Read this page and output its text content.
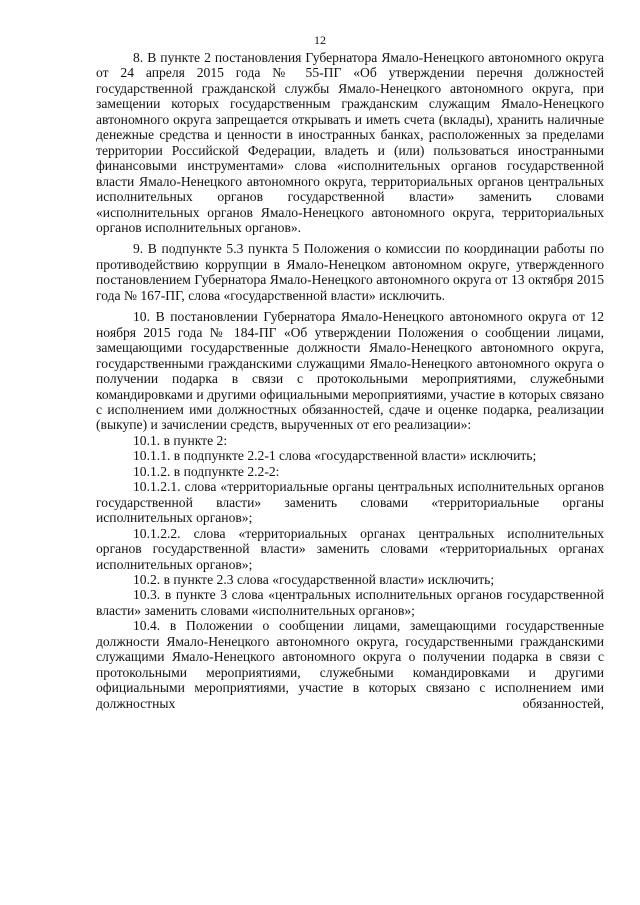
12

8. В пункте 2 постановления Губернатора Ямало-Ненецкого автономного округа от 24 апреля 2015 года № 55-ПГ «Об утверждении перечня должностей государственной гражданской службы Ямало-Ненецкого автономного округа, при замещении которых государственным гражданским служащим Ямало-Ненецкого автономного округа запрещается открывать и иметь счета (вклады), хранить наличные денежные средства и ценности в иностранных банках, расположенных за пределами территории Российской Федерации, владеть и (или) пользоваться иностранными финансовыми инструментами» слова «исполнительных органов государственной власти Ямало-Ненецкого автономного округа, территориальных органов центральных исполнительных органов государственной власти» заменить словами «исполнительных органов Ямало-Ненецкого автономного округа, территориальных органов исполнительных органов».

9. В подпункте 5.3 пункта 5 Положения о комиссии по координации работы по противодействию коррупции в Ямало-Ненецком автономном округе, утвержденного постановлением Губернатора Ямало-Ненецкого автономного округа от 13 октября 2015 года № 167-ПГ, слова «государственной власти» исключить.

10. В постановлении Губернатора Ямало-Ненецкого автономного округа от 12 ноября 2015 года № 184-ПГ «Об утверждении Положения о сообщении лицами, замещающими государственные должности Ямало-Ненецкого автономного округа, государственными гражданскими служащими Ямало-Ненецкого автономного округа о получении подарка в связи с протокольными мероприятиями, служебными командировками и другими официальными мероприятиями, участие в которых связано с исполнением ими должностных обязанностей, сдаче и оценке подарка, реализации (выкупе) и зачислении средств, вырученных от его реализации»:

10.1. в пункте 2:

10.1.1. в подпункте 2.2-1 слова «государственной власти» исключить;

10.1.2. в подпункте 2.2-2:

10.1.2.1. слова «территориальные органы центральных исполнительных органов государственной власти» заменить словами «территориальные органы исполнительных органов»;

10.1.2.2. слова «территориальных органах центральных исполнительных органов государственной власти» заменить словами «территориальных органах исполнительных органов»;

10.2. в пункте 2.3 слова «государственной власти» исключить;

10.3. в пункте 3 слова «центральных исполнительных органов государственной власти» заменить словами «исполнительных органов»;

10.4. в Положении о сообщении лицами, замещающими государственные должности Ямало-Ненецкого автономного округа, государственными гражданскими служащими Ямало-Ненецкого автономного округа о получении подарка в связи с протокольными мероприятиями, служебными командировками и другими официальными мероприятиями, участие в которых связано с исполнением ими должностных обязанностей,
